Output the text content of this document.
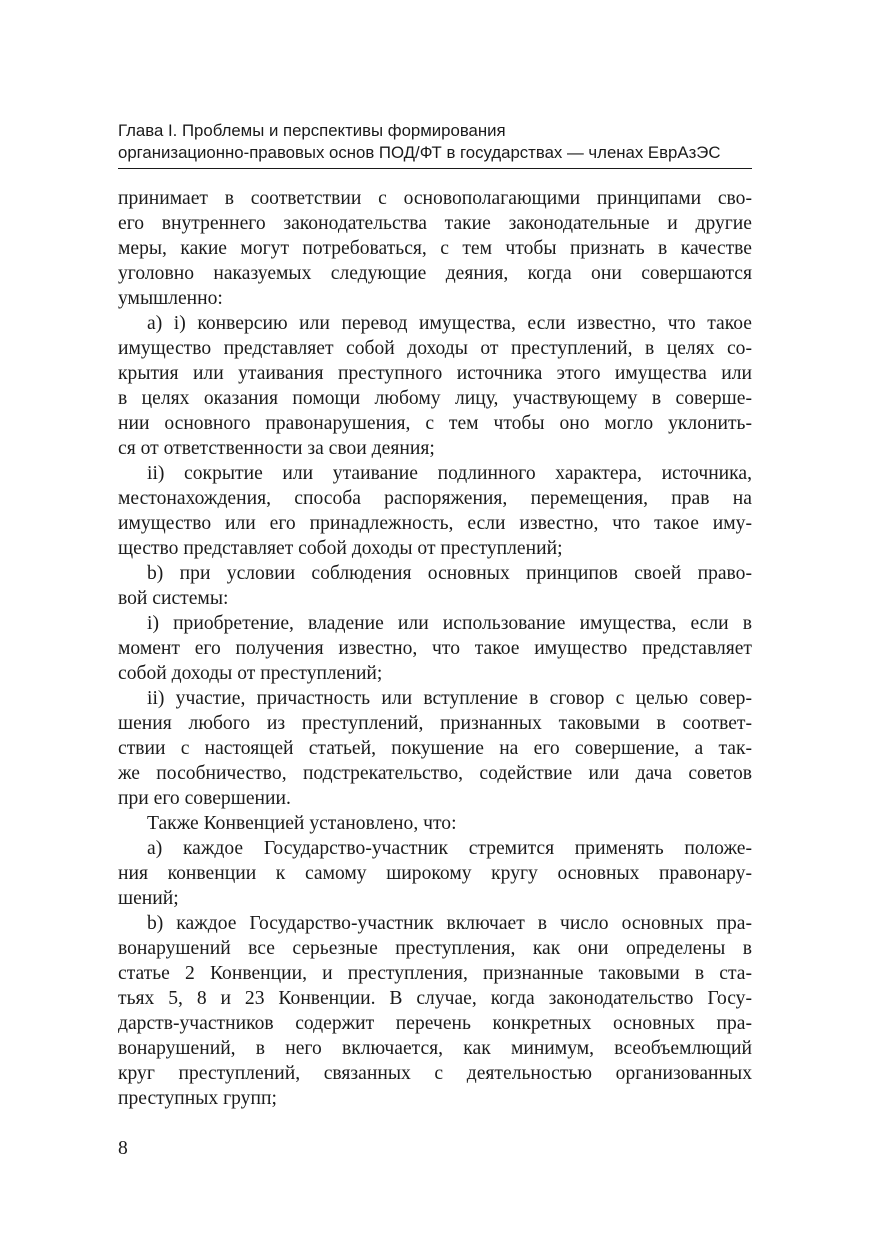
Глава I. Проблемы и перспективы формирования
организационно-правовых основ ПОД/ФТ в государствах — членах ЕврАзЭС
принимает в соответствии с основополагающими принципами сво-
его внутреннего законодательства такие законодательные и другие
меры, какие могут потребоваться, с тем чтобы признать в качестве
уголовно наказуемых следующие деяния, когда они совершаются
умышленно:
а) i) конверсию или перевод имущества, если известно, что такое
имущество представляет собой доходы от преступлений, в целях со-
крытия или утаивания преступного источника этого имущества или
в целях оказания помощи любому лицу, участвующему в соверше-
нии основного правонарушения, с тем чтобы оно могло уклонить-
ся от ответственности за свои деяния;
ii) сокрытие или утаивание подлинного характера, источника,
местонахождения, способа распоряжения, перемещения, прав на
имущество или его принадлежность, если известно, что такое иму-
щество представляет собой доходы от преступлений;
b) при условии соблюдения основных принципов своей право-
вой системы:
i) приобретение, владение или использование имущества, если в
момент его получения известно, что такое имущество представляет
собой доходы от преступлений;
ii) участие, причастность или вступление в сговор с целью совер-
шения любого из преступлений, признанных таковыми в соответ-
ствии с настоящей статьей, покушение на его совершение, а так-
же пособничество, подстрекательство, содействие или дача советов
при его совершении.
Также Конвенцией установлено, что:
а) каждое Государство-участник стремится применять положе-
ния конвенции к самому широкому кругу основных правонару-
шений;
b) каждое Государство-участник включает в число основных пра-
вонарушений все серьезные преступления, как они определены в
статье 2 Конвенции, и преступления, признанные таковыми в ста-
тьях 5, 8 и 23 Конвенции. В случае, когда законодательство Госу-
дарств-участников содержит перечень конкретных основных пра-
вонарушений, в него включается, как минимум, всеобъемлющий
круг преступлений, связанных с деятельностью организованных
преступных групп;
8
